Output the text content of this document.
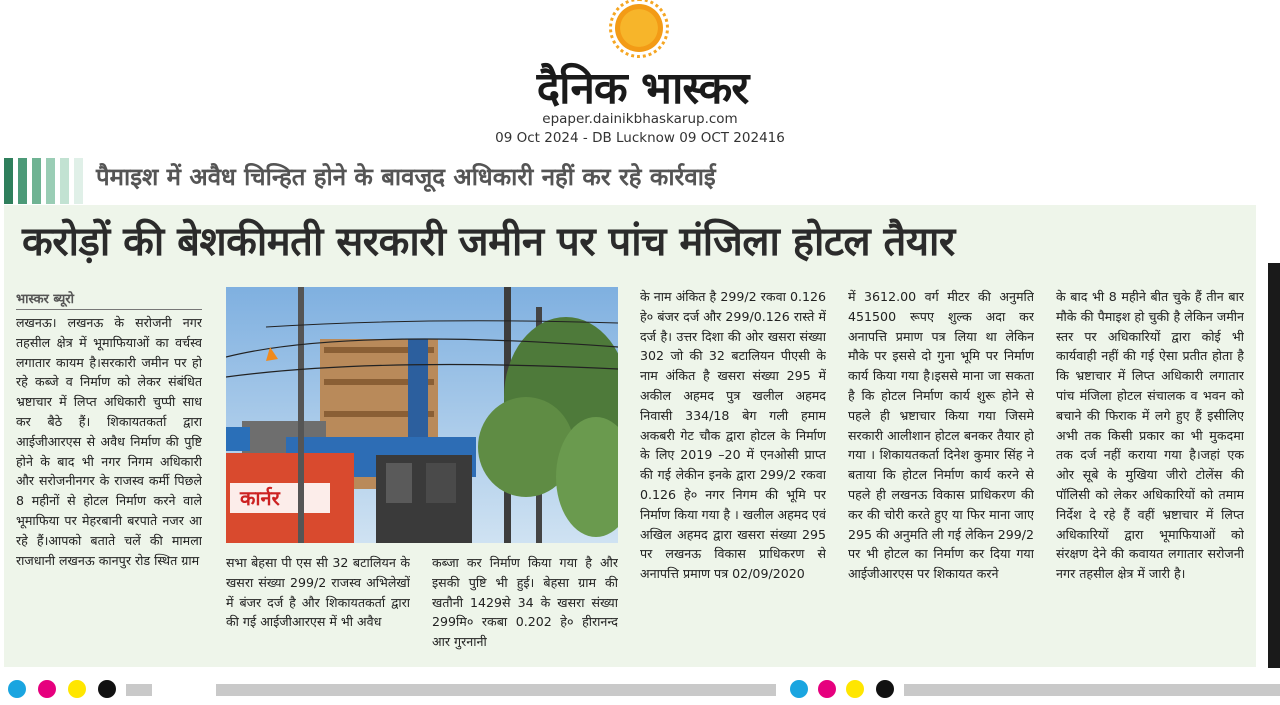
दैनिक भास्कर
epaper.dainikbhaskarup.com
09 Oct 2024 - DB Lucknow 09 OCT 202416
पैमाइश में अवैध चिन्हित होने के बावजूद अधिकारी नहीं कर रहे कार्रवाई
करोड़ों की बेशकीमती सरकारी जमीन पर पांच मंजिला होटल तैयार
भास्कर ब्यूरो
लखनऊ। लखनऊ के सरोजनी नगर तहसील क्षेत्र में भूमाफियाओं का वर्चस्व लगातार कायम है।सरकारी जमीन पर हो रहे कब्जे व निर्माण को लेकर संबंधित भ्रष्टाचार में लिप्त अधिकारी चुप्पी साध कर बैठे हैं। शिकायतकर्ता द्वारा आईजीआरएस से अवैध निर्माण की पुष्टि होने के बाद भी नगर निगम अधिकारी और सरोजनीनगर के राजस्व कर्मी पिछले 8 महीनों से होटल निर्माण करने वाले भूमाफिया पर मेहरबानी बरपाते नजर आ रहे हैं।आपको बताते चलें की मामला राजधानी लखनऊ कानपुर रोड स्थित ग्राम
कार्नर
सभा बेहसा पी एस सी 32 बटालियन के खसरा संख्या 299/2 राजस्व अभिलेखों में बंजर दर्ज है और शिकायतकर्ता द्वारा की गई आईजीआरएस में भी अवैध
कब्जा कर निर्माण किया गया है और इसकी पुष्टि भी हुई। बेहसा ग्राम की खतौनी 1429से 34 के खसरा संख्या 299मि० रकबा 0.202 हे० हीरानन्द आर गुरनानी
के नाम अंकित है 299/2 रकवा 0.126 हे० बंजर दर्ज और 299/0.126 रास्ते में दर्ज है। उत्तर दिशा की ओर खसरा संख्या 302 जो की 32 बटालियन पीएसी के नाम अंकित है खसरा संख्या 295 में अकील अहमद पुत्र खलील अहमद निवासी 334/18 बेग गली हमाम अकबरी गेट चौक द्वारा होटल के निर्माण के लिए 2019 –20 में एनओसी प्राप्त की गई लेकीन इनके द्वारा 299/2 रकवा 0.126 हे० नगर निगम की भूमि पर निर्माण किया गया है । खलील अहमद एवं अखिल अहमद द्वारा खसरा संख्या 295 पर लखनऊ विकास प्राधिकरण से अनापत्ति प्रमाण पत्र 02/09/2020
में 3612.00 वर्ग मीटर की अनुमति 451500 रूपए शुल्क अदा कर अनापत्ति प्रमाण पत्र लिया था लेकिन मौके पर इससे दो गुना भूमि पर निर्माण कार्य किया गया है।इससे माना जा सकता है कि होटल निर्माण कार्य शुरू होने से पहले ही भ्रष्टाचार किया गया जिसमे सरकारी आलीशान होटल बनकर तैयार हो गया । शिकायतकर्ता दिनेश कुमार सिंह ने बताया कि होटल निर्माण कार्य करने से पहले ही लखनऊ विकास प्राधिकरण की कर की चोरी करते हुए या फिर माना जाए 295 की अनुमति ली गई लेकिन 299/2 पर भी होटल का निर्माण कर दिया गया आईजीआरएस पर शिकायत करने
के बाद भी 8 महीने बीत चुके हैं तीन बार मौके की पैमाइश हो चुकी है लेकिन जमीन स्तर पर अधिकारियों द्वारा कोई भी कार्यवाही नहीं की गई ऐसा प्रतीत होता है कि भ्रष्टाचार में लिप्त अधिकारी लगातार पांच मंजिला होटल संचालक व भवन को बचाने की फिराक में लगे हुए हैं इसीलिए अभी तक किसी प्रकार का भी मुकदमा तक दर्ज नहीं कराया गया है।जहां एक ओर सूबे के मुखिया जीरो टोलेंस की पॉलिसी को लेकर अधिकारियों को तमाम निर्देश दे रहे हैं वहीं भ्रष्टाचार में लिप्त अधिकारियों द्वारा भूमाफियाओं को संरक्षण देने की कवायत लगातार सरोजनी नगर तहसील क्षेत्र में जारी है।
